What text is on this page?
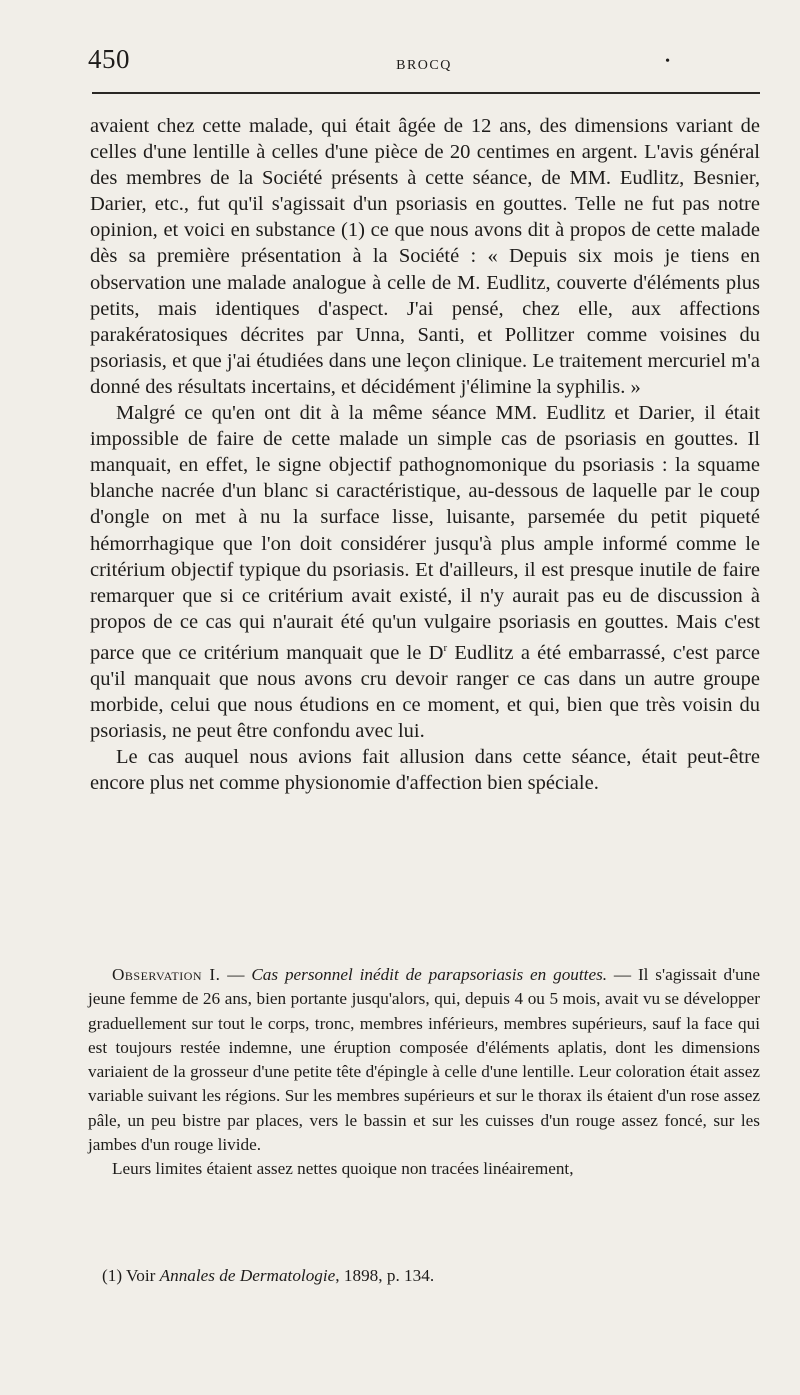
450	BROCQ	•

avaient chez cette malade, qui était âgée de 12 ans, des dimensions variant de celles d'une lentille à celles d'une pièce de 20 centimes en argent. L'avis général des membres de la Société présents à cette séance, de MM. Eudlitz, Besnier, Darier, etc., fut qu'il s'agissait d'un psoriasis en gouttes. Telle ne fut pas notre opinion, et voici en substance (1) ce que nous avons dit à propos de cette malade dès sa première présentation à la Société : « Depuis six mois je tiens en observation une malade analogue à celle de M. Eudlitz, couverte d'éléments plus petits, mais identiques d'aspect. J'ai pensé, chez elle, aux affections parakératosiques décrites par Unna, Santi, et Pollitzer comme voisines du psoriasis, et que j'ai étudiées dans une leçon clinique. Le traitement mercuriel m'a donné des résultats incertains, et décidément j'élimine la syphilis. »

Malgré ce qu'en ont dit à la même séance MM. Eudlitz et Darier, il était impossible de faire de cette malade un simple cas de psoriasis en gouttes. Il manquait, en effet, le signe objectif pathognomonique du psoriasis : la squame blanche nacrée d'un blanc si caractéristique, au-dessous de laquelle par le coup d'ongle on met à nu la surface lisse, luisante, parsemée du petit piqueté hémorrhagique que l'on doit considérer jusqu'à plus ample informé comme le critérium objectif typique du psoriasis. Et d'ailleurs, il est presque inutile de faire remarquer que si ce critérium avait existé, il n'y aurait pas eu de discussion à propos de ce cas qui n'aurait été qu'un vulgaire psoriasis en gouttes. Mais c'est parce que ce critérium manquait que le $D^r$ Eudlitz a été embarrassé, c'est parce qu'il manquait que nous avons cru devoir ranger ce cas dans un autre groupe morbide, celui que nous étudions en ce moment, et qui, bien que très voisin du psoriasis, ne peut être confondu avec lui.

Le cas auquel nous avions fait allusion dans cette séance, était peut-être encore plus net comme physionomie d'affection bien spéciale.

Observation I. — Cas personnel inédit de parapsoriasis en gouttes. — Il s'agissait d'une jeune femme de 26 ans, bien portante jusqu'alors, qui, depuis 4 ou 5 mois, avait vu se développer graduellement sur tout le corps, tronc, membres inférieurs, membres supérieurs, sauf la face qui est toujours restée indemne, une éruption composée d'éléments aplatis, dont les dimensions variaient de la grosseur d'une petite tête d'épingle à celle d'une lentille. Leur coloration était assez variable suivant les régions. Sur les membres supérieurs et sur le thorax ils étaient d'un rose assez pâle, un peu bistre par places, vers le bassin et sur les cuisses d'un rouge assez foncé, sur les jambes d'un rouge livide.

Leurs limites étaient assez nettes quoique non tracées linéairement,

(1) Voir Annales de Dermatologie, 1898, p. 134.
